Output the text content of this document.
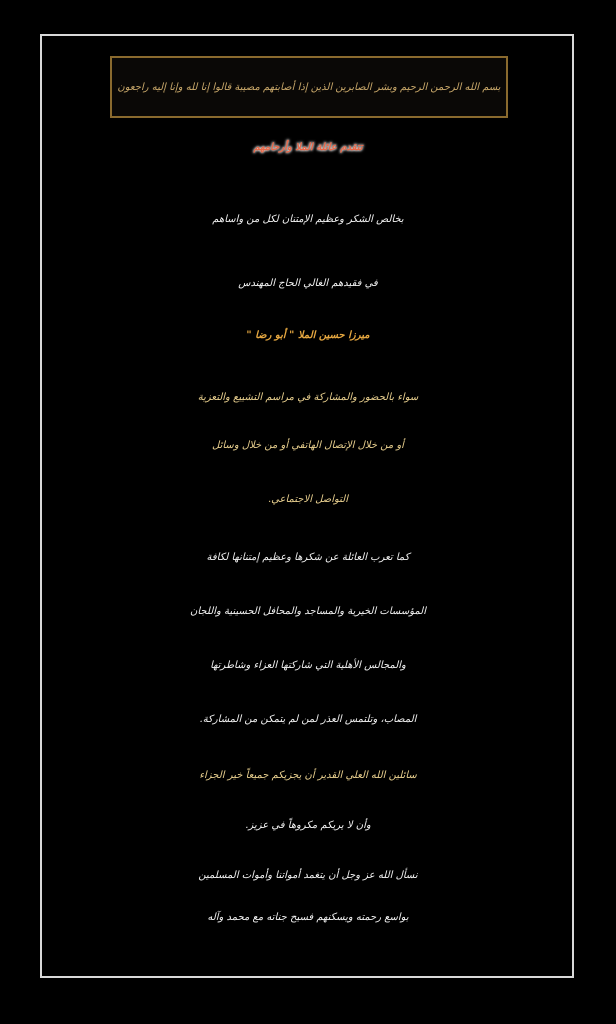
بسم الله الرحمن الرحيم وبشر الصابرين الذين إذا أصابتهم مصيبة قالوا إنا لله وإنا إليه راجعون
تتقدم عائلة الملا وأرحامهم
بخالص الشكر وعظيم الإمتنان لكل من واساهم
في فقيدهم الغالي الحاج المهندس
ميرزا حسين الملا " أبو رضا "
سواء بالحضور والمشاركة في مراسم التشييع والتعزية
أو من خلال الإتصال الهاتفي أو من خلال وسائل
التواصل الاجتماعي.
كما تعرب العائلة عن شكرها وعظيم إمتنانها لكافة
المؤسسات الخيرية والمساجد والمحافل الحسينية واللجان
والمجالس الأهلية التي شاركتها العزاء وشاطرتها
المصاب، وتلتمس العذر لمن لم يتمكن من المشاركة.
سائلين الله العلي القدير أن يجزيكم جميعاً خير الجزاء
وأن لا يريكم مكروهاً في عزيز.
نسأل الله عز وجل أن يتغمد أمواتنا وأموات المسلمين
بواسع رحمته ويسكنهم فسيح جناته مع محمد وآله
